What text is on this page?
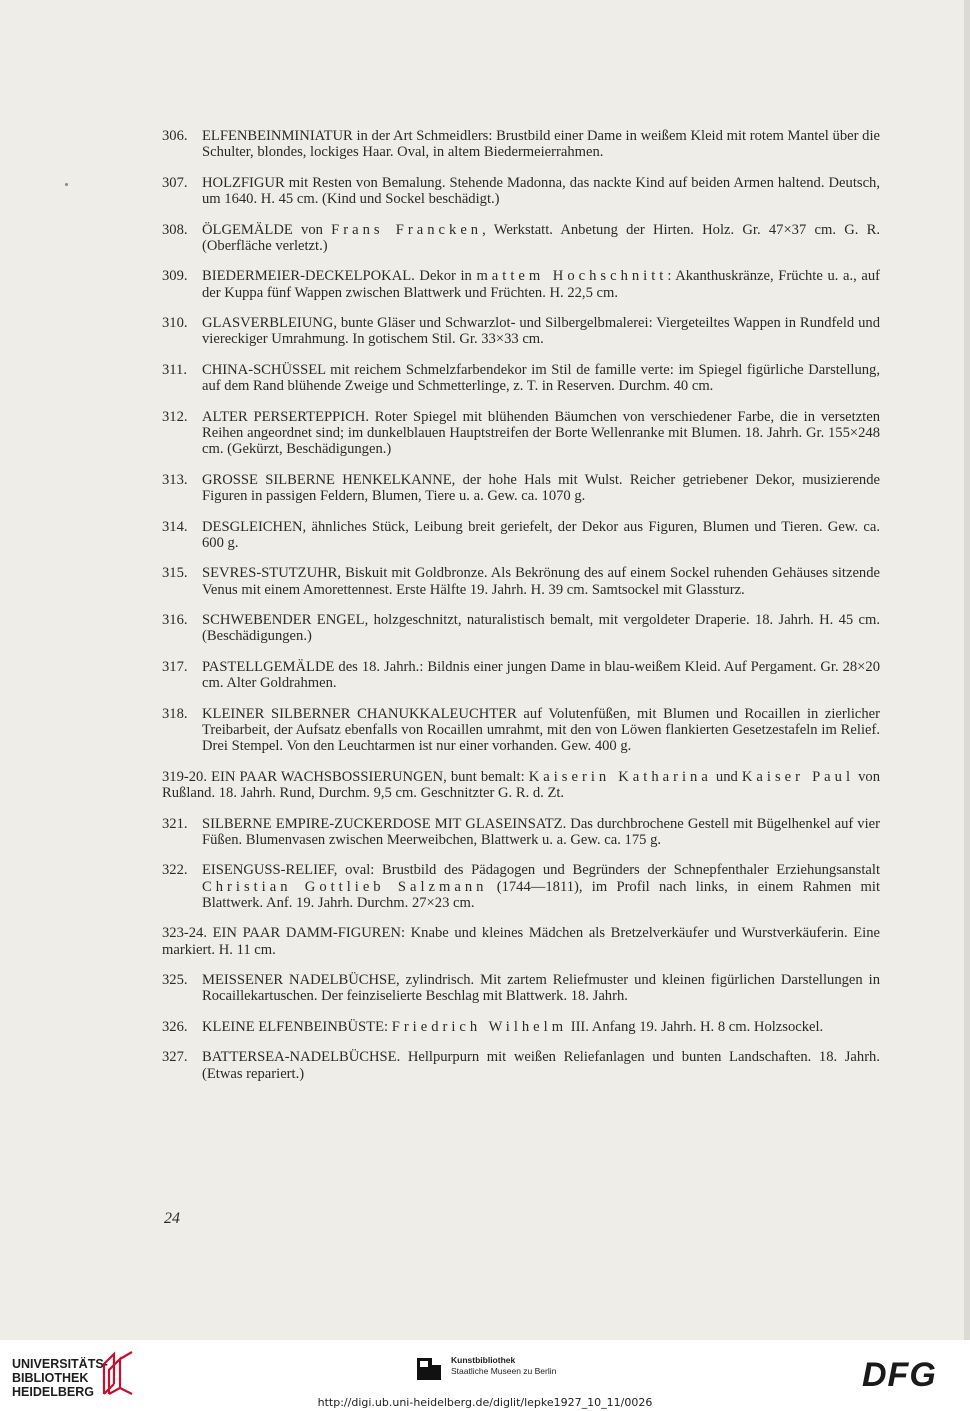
306. ELFENBEINMINIATUR in der Art Schmeidlers: Brustbild einer Dame in weißem Kleid mit rotem Mantel über die Schulter, blondes, lockiges Haar. Oval, in altem Biedermeierrahmen.
307. HOLZFIGUR mit Resten von Bemalung. Stehende Madonna, das nackte Kind auf beiden Armen haltend. Deutsch, um 1640. H. 45 cm. (Kind und Sockel beschädigt.)
308. ÖLGEMÄLDE von Frans Francken, Werkstatt. Anbetung der Hirten. Holz. Gr. 47×37 cm. G. R. (Oberfläche verletzt.)
309. BIEDERMEIER-DECKELPOKAL. Dekor in mattem Hochschnitt: Akanthuskränze, Früchte u. a., auf der Kuppa fünf Wappen zwischen Blattwerk und Früchten. H. 22,5 cm.
310. GLASVERBLEIUNG, bunte Gläser und Schwarzlot- und Silbergelbmalerei: Viergeteiltes Wappen in Rundfeld und viereckiger Umrahmung. In gotischem Stil. Gr. 33×33 cm.
311. CHINA-SCHÜSSEL mit reichem Schmelzfarbendekor im Stil de famille verte: im Spiegel figürliche Darstellung, auf dem Rand blühende Zweige und Schmetterlinge, z. T. in Reserven. Durchm. 40 cm.
312. ALTER PERSERTEPPICH. Roter Spiegel mit blühenden Bäumchen von verschiedener Farbe, die in versetzten Reihen angeordnet sind; im dunkelblauen Hauptstreifen der Borte Wellenranke mit Blumen. 18. Jahrh. Gr. 155×248 cm. (Gekürzt, Beschädigungen.)
313. GROSSE SILBERNE HENKELKANNE, der hohe Hals mit Wulst. Reicher getriebener Dekor, musizierende Figuren in passigen Feldern, Blumen, Tiere u. a. Gew. ca. 1070 g.
314. DESGLEICHEN, ähnliches Stück, Leibung breit geriefelt, der Dekor aus Figuren, Blumen und Tieren. Gew. ca. 600 g.
315. SEVRES-STUTZUHR, Biskuit mit Goldbronze. Als Bekrönung des auf einem Sockel ruhenden Gehäuses sitzende Venus mit einem Amorettennest. Erste Hälfte 19. Jahrh. H. 39 cm. Samtsockel mit Glassturz.
316. SCHWEBENDER ENGEL, holzgeschnitzt, naturalistisch bemalt, mit vergoldeter Draperie. 18. Jahrh. H. 45 cm. (Beschädigungen.)
317. PASTELLGEMÄLDE des 18. Jahrh.: Bildnis einer jungen Dame in blau-weißem Kleid. Auf Pergament. Gr. 28×20 cm. Alter Goldrahmen.
318. KLEINER SILBERNER CHANUKKALEUCHTER auf Volutenfüßen, mit Blumen und Rocaillen in zierlicher Treibarbeit, der Aufsatz ebenfalls von Rocaillen umrahmt, mit den von Löwen flankierten Gesetzestafeln im Relief. Drei Stempel. Von den Leuchtarmen ist nur einer vorhanden. Gew. 400 g.
319-20. EIN PAAR WACHSBOSSIERUNGEN, bunt bemalt: Kaiserin Katharina und Kaiser Paul von Rußland. 18. Jahrh. Rund, Durchm. 9,5 cm. Geschnitzter G. R. d. Zt.
321. SILBERNE EMPIRE-ZUCKERDOSE MIT GLASEINSATZ. Das durchbrochene Gestell mit Bügelhenkel auf vier Füßen. Blumenvasen zwischen Meerweibchen, Blattwerk u. a. Gew. ca. 175 g.
322. EISENGUSS-RELIEF, oval: Brustbild des Pädagogen und Begründers der Schnepfenthaler Erziehungsanstalt Christian Gottlieb Salzmann (1744—1811), im Profil nach links, in einem Rahmen mit Blattwerk. Anf. 19. Jahrh. Durchm. 27×23 cm.
323-24. EIN PAAR DAMM-FIGUREN: Knabe und kleines Mädchen als Bretzelverkäufer und Wurstverkäuferin. Eine markiert. H. 11 cm.
325. MEISSENER NADELBÜCHSE, zylindrisch. Mit zartem Reliefmuster und kleinen figürlichen Darstellungen in Rocaillekartuschen. Der feinziselierte Beschlag mit Blattwerk. 18. Jahrh.
326. KLEINE ELFENBEINBÜSTE: Friedrich Wilhelm III. Anfang 19. Jahrh. H. 8 cm. Holzsockel.
327. BATTERSEA-NADELBÜCHSE. Hellpurpurn mit weißen Reliefanlagen und bunten Landschaften. 18. Jahrh. (Etwas repariert.)
24
UNIVERSITÄTS-
BIBLIOTHEK
HEIDELBERG
Kunstbibliothek
Staatliche Museen zu Berlin	DFG
http://digi.ub.uni-heidelberg.de/diglit/lepke1927_10_11/0026
